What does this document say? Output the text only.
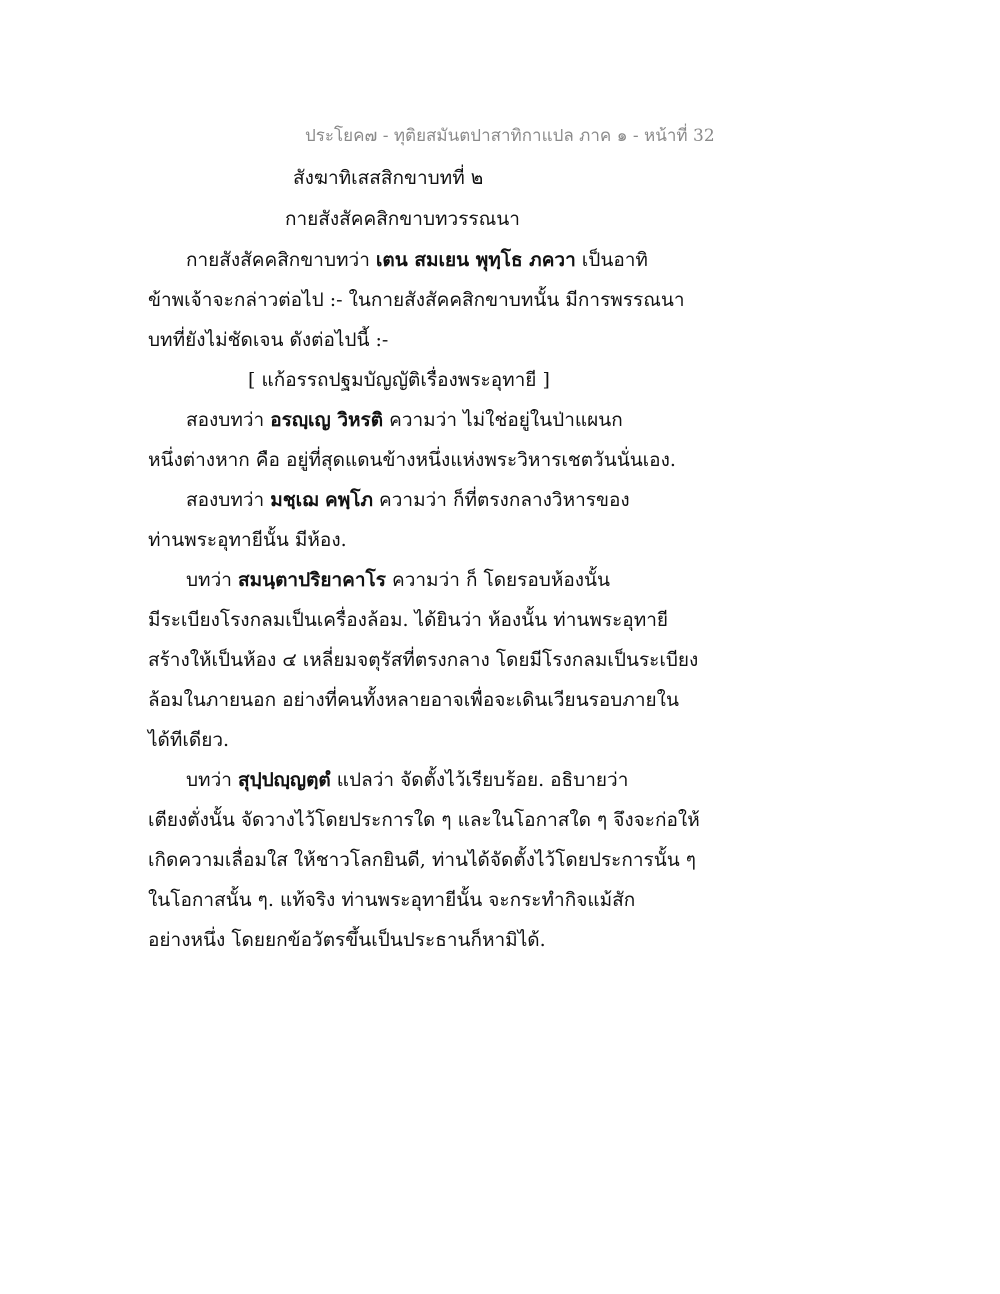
ประโยค๗ - ทุติยสมันตปาสาทิกาแปล ภาค ๑ - หน้าที่ 32
สังฆาทิเสสสิกขาบทที่ ๒
กายสังสัคคสิกขาบทวรรณนา
กายสังสัคคสิกขาบทว่า เตน สมเยน พุทฺโธ ภควา เป็นอาทิ
ข้าพเจ้าจะกล่าวต่อไป :- ในกายสังสัคคสิกขาบทนั้น มีการพรรณนา
บทที่ยังไม่ชัดเจน ดังต่อไปนี้ :-
[ แก้อรรถปฐมบัญญัติเรื่องพระอุทายี ]
สองบทว่า อรญฺเญ วิหรติ ความว่า ไม่ใช่อยู่ในป่าแผนก
หนึ่งต่างหาก คือ อยู่ที่สุดแดนข้างหนึ่งแห่งพระวิหารเชตวันนั่นเอง.
สองบทว่า มชฺเฌ คพฺโภ ความว่า ก็ที่ตรงกลางวิหารของ
ท่านพระอุทายีนั้น มีห้อง.
บทว่า สมนฺตาปริยาคาโร ความว่า ก็ โดยรอบห้องนั้น
มีระเบียงโรงกลมเป็นเครื่องล้อม. ได้ยินว่า ห้องนั้น ท่านพระอุทายี
สร้างให้เป็นห้อง ๔ เหลี่ยมจตุรัสที่ตรงกลาง โดยมีโรงกลมเป็นระเบียง
ล้อมในภายนอก อย่างที่คนทั้งหลายอาจเพื่อจะเดินเวียนรอบภายใน
ได้ทีเดียว.
บทว่า สุปฺปญฺญตฺตํ แปลว่า จัดตั้งไว้เรียบร้อย. อธิบายว่า
เตียงตั่งนั้น จัดวางไว้โดยประการใด ๆ และในโอกาสใด ๆ จึงจะก่อให้
เกิดความเลื่อมใส ให้ชาวโลกยินดี, ท่านได้จัดตั้งไว้โดยประการนั้น ๆ
ในโอกาสนั้น ๆ. แท้จริง ท่านพระอุทายีนั้น จะกระทำกิจแม้สัก
อย่างหนึ่ง โดยยกข้อวัตรขึ้นเป็นประธานก็หามิได้.
